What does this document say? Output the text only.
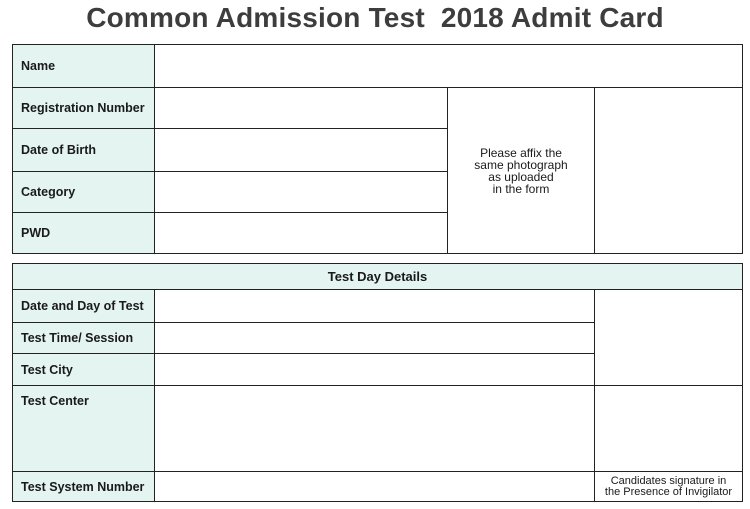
Common Admission Test 2018 Admit Card
Name
Registration Number
Date of Birth
Category
PWD
Please affix the
same photograph
as uploaded
in the form
Test Day Details
Date and Day of Test
Test Time/ Session
Test City
Test Center
Test System Number	Candidates signature in
the Presence of Invigilator
